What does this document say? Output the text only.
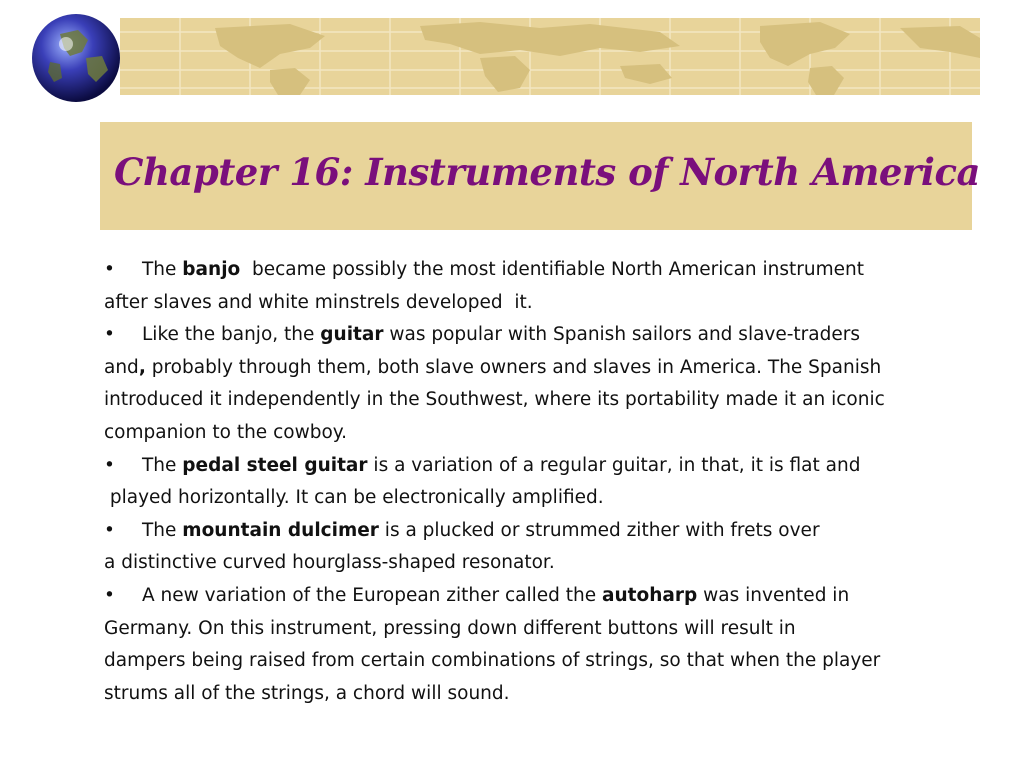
Chapter 16: Instruments of North America
• The banjo  became possibly the most identifiable North American instrument
after slaves and white minstrels developed  it.
• Like the banjo, the guitar was popular with Spanish sailors and slave-traders
and, probably through them, both slave owners and slaves in America. The Spanish
introduced it independently in the Southwest, where its portability made it an iconic
companion to the cowboy.
• The pedal steel guitar is a variation of a regular guitar, in that, it is flat and
played horizontally. It can be electronically amplified.
• The mountain dulcimer is a plucked or strummed zither with frets over
a distinctive curved hourglass-shaped resonator.
• A new variation of the European zither called the autoharp was invented in
Germany. On this instrument, pressing down different buttons will result in
dampers being raised from certain combinations of strings, so that when the player
strums all of the strings, a chord will sound.
